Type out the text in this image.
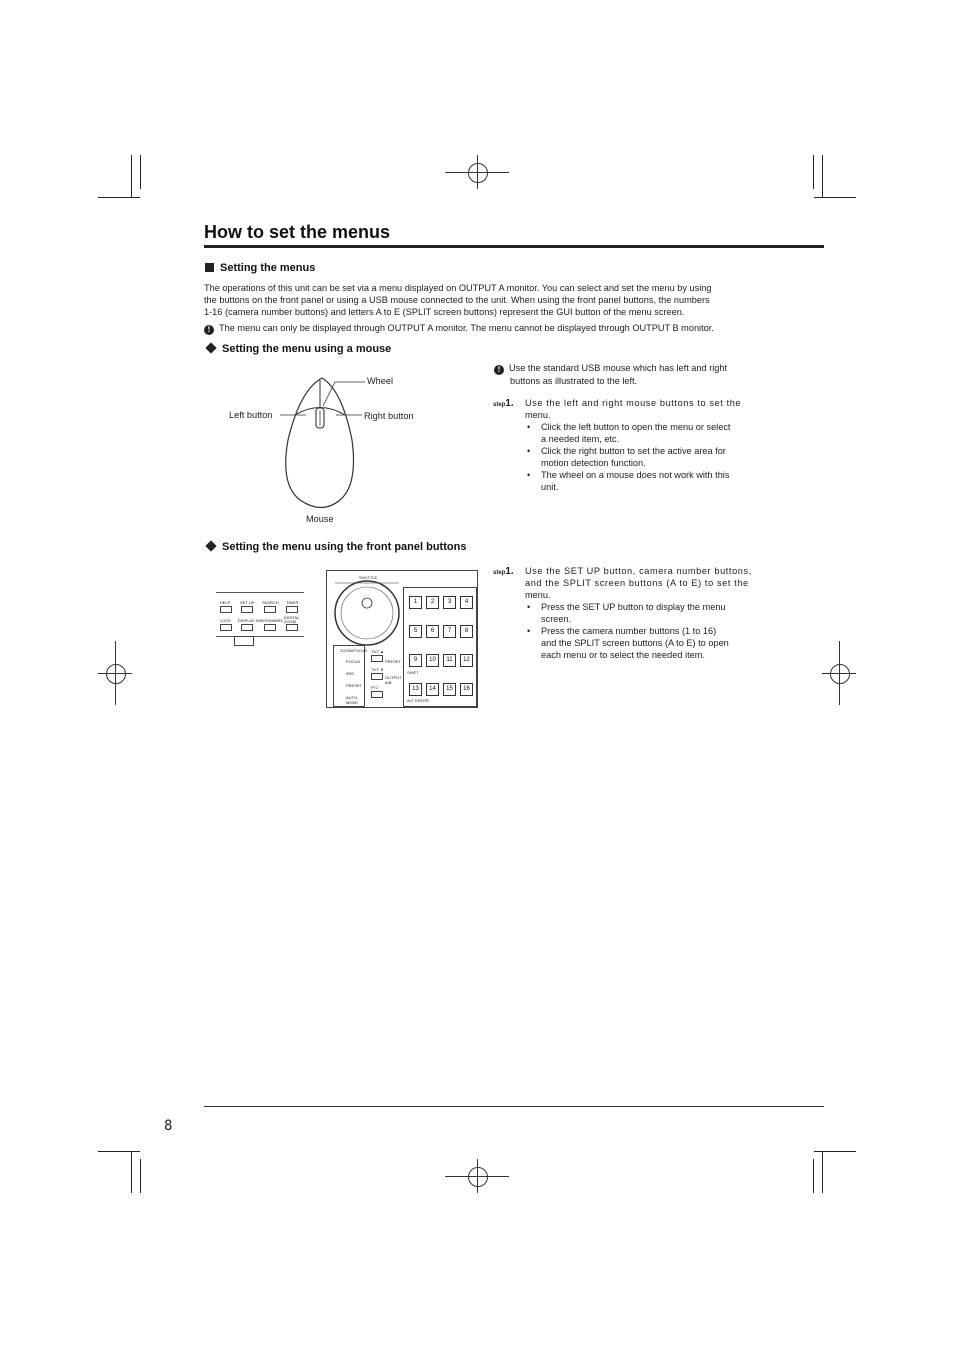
How to set the menus
Setting the menus
The operations of this unit can be set via a menu displayed on OUTPUT A monitor. You can select and set the menu by using
the buttons on the front panel or using a USB mouse connected to the unit. When using the front panel buttons, the numbers
1-16 (camera number buttons) and letters A to E (SPLIT screen buttons) represent the GUI button of the menu screen.
! The menu can only be displayed through OUTPUT A monitor. The menu cannot be displayed through OUTPUT B monitor.
Setting the menu using a mouse
Wheel
Left button	Right button
Mouse
! Use the standard USB mouse which has left and right
buttons as illustrated to the left.
step1.	Use the left and right mouse buttons to set the
menu.
• Click the left button to open the menu or select
a needed item, etc.
• Click the right button to set the active area for
motion detection function.
• The wheel on a mouse does not work with this
unit.
Setting the menu using the front panel buttons
HELP SET UP SEARCH TIMER
LOCK DISPLAY IN BOOKMARK
DIGITAL ZOOM
SHUTTLE
ZOOM/FOCUS
FOCUS
IRIS
PRESET
AUTO MODE
TILT ▲
TILT ▼
PT2
PRESET
OUTPUT A/B
1	2	3	4
5	6	7	8
9	10	11	12
13	14	15	16
SHIFT
ALT ENTER
step1.	Use the SET UP button, camera number buttons,
and the SPLIT screen buttons (A to E) to set the
menu.
• Press the SET UP button to display the menu
screen.
• Press the camera number buttons (1 to 16)
and the SPLIT screen buttons (A to E) to open
each menu or to select the needed item.
8
